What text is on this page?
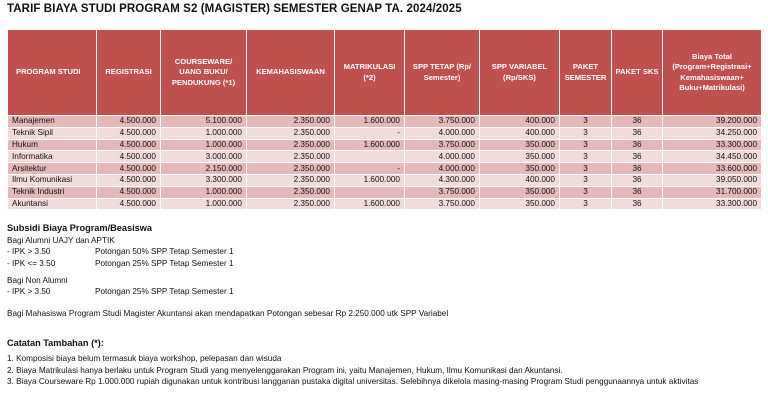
TARIF BIAYA STUDI PROGRAM S2 (MAGISTER) SEMESTER GENAP TA. 2024/2025
PROGRAM STUDI	REGISTRASI	COURSEWARE/ UANG BUKU/ PENDUKUNG (*1)	KEMAHASISWAAN	MATRIKULASI (*2)	SPP TETAP (Rp/ Semester)	SPP VARIABEL (Rp/SKS)	PAKET SEMESTER	PAKET SKS	Biaya Total (Program+Registrasi+ Kemahasiswaan+ Buku+Matrikulasi)
Manajemen	4.500.000	5.100.000	2.350.000	1.600.000	3.750.000	400.000	3	36	39.200.000
Teknik Sipil	4.500.000	1.000.000	2.350.000	-	4.000.000	400.000	3	36	34.250.000
Hukum	4.500.000	1.000.000	2.350.000	1.600.000	3.750.000	350.000	3	36	33.300.000
Informatika	4.500.000	3.000.000	2.350.000		4.000.000	350.000	3	36	34.450.000
Arsitektur	4.500.000	2.150.000	2.350.000	-	4.000.000	350.000	3	36	33.600.000
Ilmu Komunikasi	4.500.000	3.300.000	2.350.000	1.600.000	4.300.000	400.000	3	36	39.050.000
Teknik Industri	4.500.000	1.000.000	2.350.000		3.750.000	350.000	3	36	31.700.000
Akuntansi	4.500.000	1.000.000	2.350.000	1.600.000	3.750.000	350.000	3	36	33.300.000
Subsidi Biaya Program/Beasiswa
Bagi Alumni UAJY dan APTIK
- IPK > 3.50	Potongan 50% SPP Tetap Semester 1
- IPK <= 3.50	Potongan 25% SPP Tetap Semester 1
Bagi Non Alumni
- IPK > 3.50	Potongan 25% SPP Tetap Semester 1
Bagi Mahasiswa Program Studi Magister Akuntansi akan mendapatkan Potongan sebesar Rp 2.250.000 utk SPP Variabel
Catatan Tambahan (*):
1. Komposisi biaya belum termasuk biaya workshop, pelepasan dan wisuda
2. Biaya Matrikulasi hanya berlaku untuk Program Studi yang menyelenggarakan Program ini, yaitu Manajemen, Hukum, Ilmu Komunikasi dan Akuntansi.
3. Biaya Courseware Rp 1.000.000 rupiah digunakan untuk kontribusi langganan pustaka digital universitas. Selebihnya dikelola masing-masing Program Studi penggunaannya untuk aktivitas
